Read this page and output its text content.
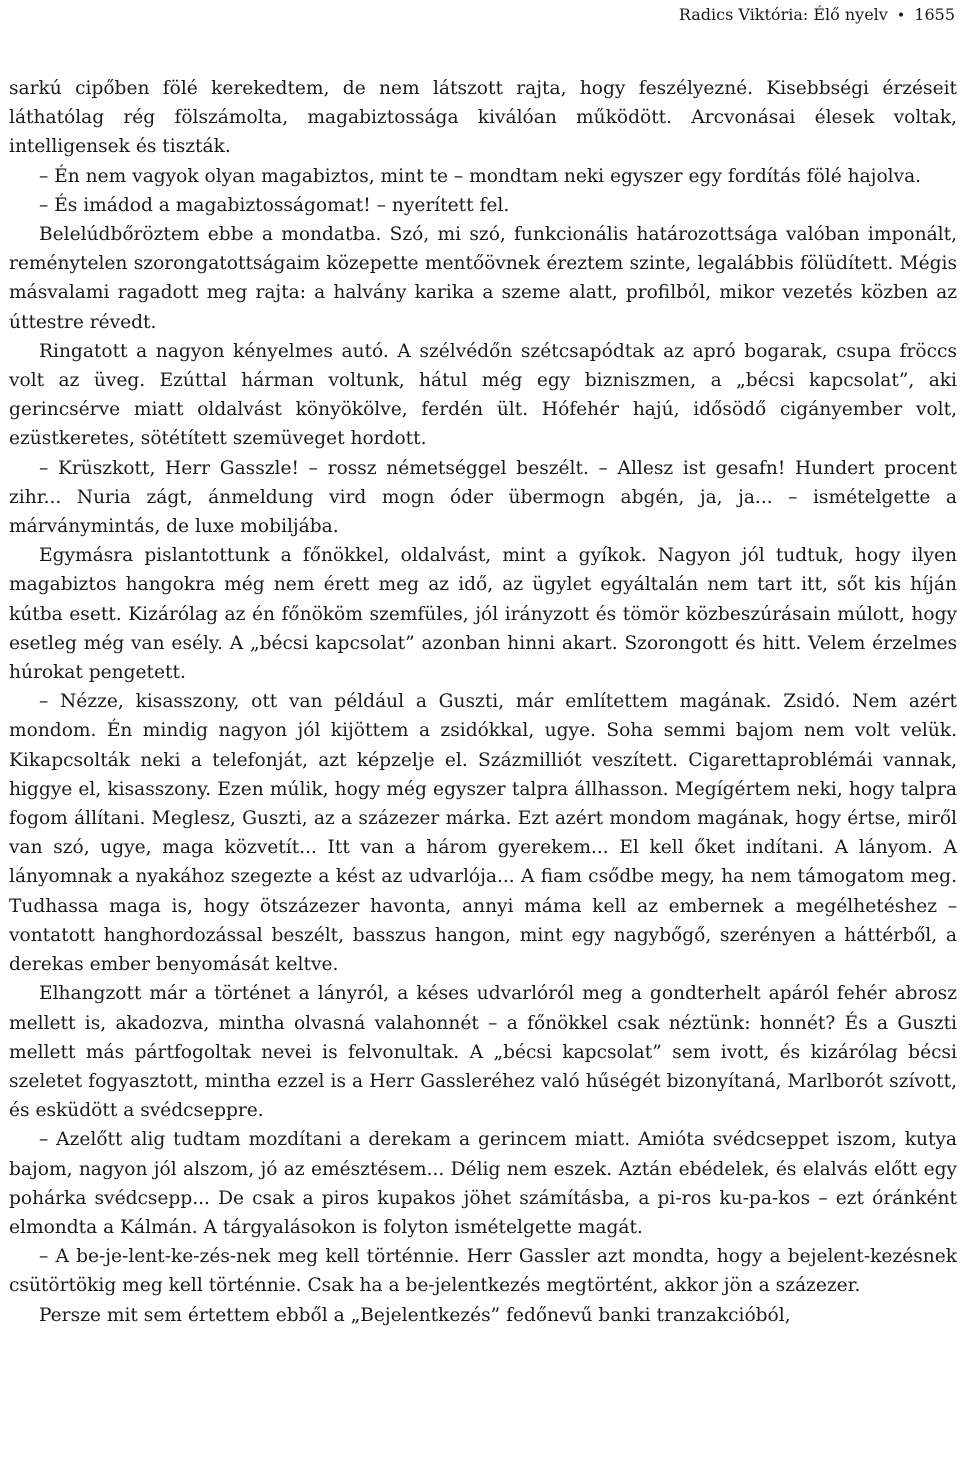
Radics Viktória: Élő nyelv • 1655

sarkú cipőben fölé kerekedtem, de nem látszott rajta, hogy feszélyezné. Kisebbségi érzéseit láthatólag rég fölszámolta, magabiztossága kiválóan működött. Arcvonásai élesek voltak, intelligensek és tiszták.

– Én nem vagyok olyan magabiztos, mint te – mondtam neki egyszer egy fordítás fölé hajolva.

– És imádod a magabiztosságomat! – nyerített fel.

Belelúdbőröztem ebbe a mondatba. Szó, mi szó, funkcionális határozottsága valóban imponált, reménytelen szorongatottságaim közepette mentőövnek éreztem szinte, legalábbis fölüdített. Mégis másvalami ragadott meg rajta: a halvány karika a szeme alatt, profilból, mikor vezetés közben az úttestre révedt.

Ringatott a nagyon kényelmes autó. A szélvédőn szétcsapódtak az apró bogarak, csupa fröccs volt az üveg. Ezúttal hárman voltunk, hátul még egy bizniszmen, a „bécsi kapcsolat”, aki gerincsérve miatt oldalvást könyökölve, ferdén ült. Hófehér hajú, idősödő cigányember volt, ezüstkeretes, sötétített szemüveget hordott.

– Krüszkott, Herr Gasszle! – rossz németséggel beszélt. – Allesz ist gesafn! Hundert procent zihr... Nuria zágt, ánmeldung vird mogn óder übermogn abgén, ja, ja... – ismételgette a márványmintás, de luxe mobiljába.

Egymásra pislantottunk a főnökkel, oldalvást, mint a gyíkok. Nagyon jól tudtuk, hogy ilyen magabiztos hangokra még nem érett meg az idő, az ügylet egyáltalán nem tart itt, sőt kis híján kútba esett. Kizárólag az én főnököm szemfüles, jól irányzott és tömör közbeszúrásain múlott, hogy esetleg még van esély. A „bécsi kapcsolat” azonban hinni akart. Szorongott és hitt. Velem érzelmes húrokat pengetett.

– Nézze, kisasszony, ott van például a Guszti, már említettem magának. Zsidó. Nem azért mondom. Én mindig nagyon jól kijöttem a zsidókkal, ugye. Soha semmi bajom nem volt velük. Kikapcsolták neki a telefonját, azt képzelje el. Százmilliót veszített. Cigarettaproblémái vannak, higgye el, kisasszony. Ezen múlik, hogy még egyszer talpra állhasson. Megígértem neki, hogy talpra fogom állítani. Meglesz, Guszti, az a százezer márka. Ezt azért mondom magának, hogy értse, miről van szó, ugye, maga közvetít... Itt van a három gyerekem... El kell őket indítani. A lányom. A lányomnak a nyakához szegezte a kést az udvarlója... A fiam csődbe megy, ha nem támogatom meg. Tudhassa maga is, hogy ötszázezer havonta, annyi máma kell az embernek a megélhetéshez – vontatott hanghordozással beszélt, basszus hangon, mint egy nagybőgő, szerényen a háttérből, a derekas ember benyomását keltve.

Elhangzott már a történet a lányról, a késes udvarlóról meg a gondterhelt apáról fehér abrosz mellett is, akadozva, mintha olvasná valahonnét – a főnökkel csak néztünk: honnét? És a Guszti mellett más pártfogoltak nevei is felvonultak. A „bécsi kapcsolat” sem ivott, és kizárólag bécsi szeletet fogyasztott, mintha ezzel is a Herr Gassleréhez való hűségét bizonyítaná, Marlborót szívott, és esküdött a svédcseppre.

– Azelőtt alig tudtam mozdítani a derekam a gerincem miatt. Amióta svédcseppet iszom, kutya bajom, nagyon jól alszom, jó az emésztésem... Délig nem eszek. Aztán ebédelek, és elalvás előtt egy pohárka svédcsepp... De csak a piros kupakos jöhet számításba, a pi-ros ku-pa-kos – ezt óránként elmondta a Kálmán. A tárgyalásokon is folyton ismételgette magát.

– A be-je-lent-ke-zés-nek meg kell történnie. Herr Gassler azt mondta, hogy a bejelent-kezésnek csütörtökig meg kell történnie. Csak ha a be-jelentkezés megtörtént, akkor jön a százezer.

Persze mit sem értettem ebből a „Bejelentkezés” fedőnevű banki tranzakcióból,
